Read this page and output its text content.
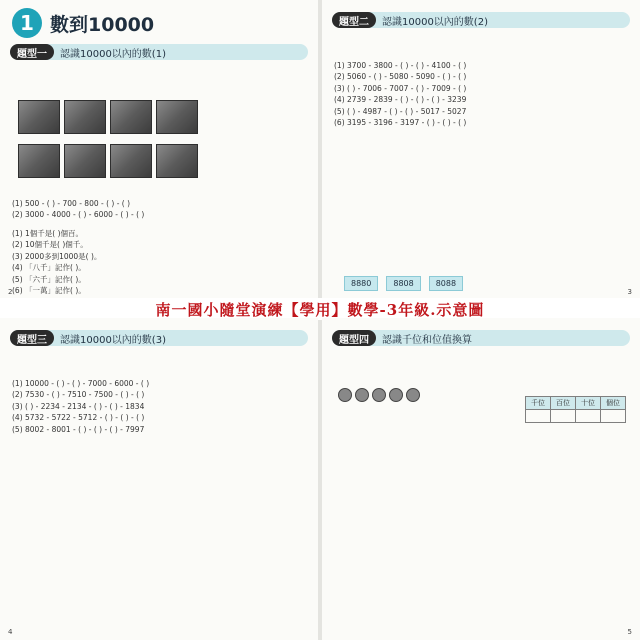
1 數到10000
題型一	認識10000以內的數(1)
(1) 500 - ( ) - 700 - 800 - ( ) - ( )
(2) 3000 - 4000 - ( ) - 6000 - ( ) - ( )
(1) 1個千是( )個百。
(2) 10個千是( )個千。
(3) 2000多到1000是( )。
(4) 「八千」記作( )。
(5) 「六千」記作( )。
(6) 「一萬」記作( )。
2
題型二	認識10000以內的數(2)
(1) 3700 - 3800 - ( ) - ( ) - 4100 - ( )
(2) 5060 - ( ) - 5080 - 5090 - ( ) - ( )
(3) ( ) - 7006 - 7007 - ( ) - 7009 - ( )
(4) 2739 - 2839 - ( ) - ( ) - ( ) - 3239
(5) ( ) - 4987 - ( ) - ( ) - 5017 - 5027
(6) 3195 - 3196 - 3197 - ( ) - ( ) - ( )
8880	8808	8088
3
南一國小隨堂演練【學用】數學-3年級.示意圖
題型三	認識10000以內的數(3)
(1) 10000 - ( ) - ( ) - 7000 - 6000 - ( )
(2) 7530 - ( ) - 7510 - 7500 - ( ) - ( )
(3) ( ) - 2234 - 2134 - ( ) - ( ) - 1834
(4) 5732 - 5722 - 5712 - ( ) - ( ) - ( )
(5) 8002 - 8001 - ( ) - ( ) - ( ) - 7997
4
題型四	認識千位和位值換算
千位	百位	十位	個位

5
